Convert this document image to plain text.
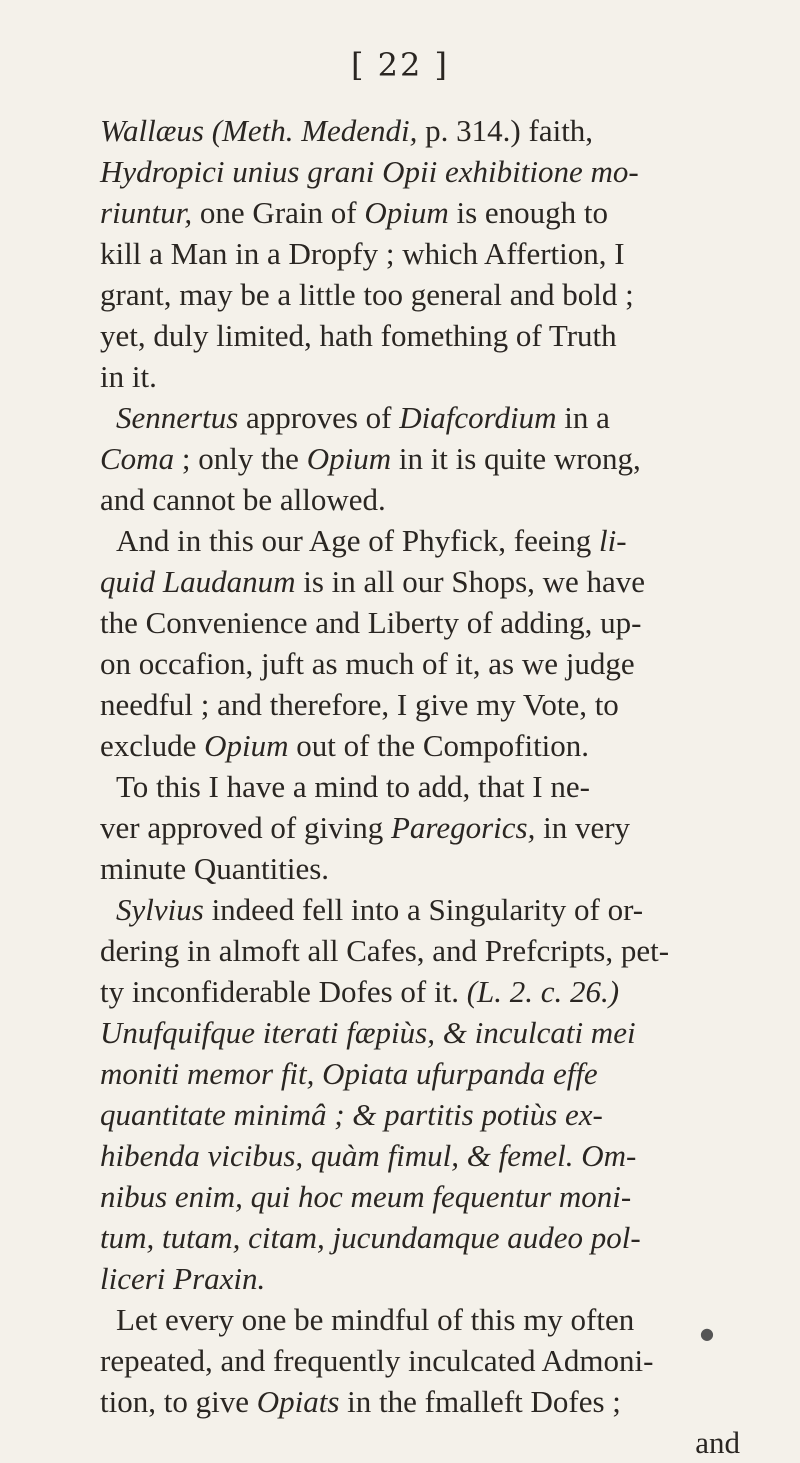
[ 22 ]
Wallæus (Meth. Medendi, p. 314.) faith,
Hydropici unius grani Opii exhibitione mo-
riuntur, one Grain of Opium is enough to
kill a Man in a Dropfy ; which Affertion, I
grant, may be a little too general and bold ;
yet, duly limited, hath fomething of Truth
in it.
Sennertus approves of Diafcordium in a
Coma ; only the Opium in it is quite wrong,
and cannot be allowed.
And in this our Age of Phyfick, feeing li-
quid Laudanum is in all our Shops, we have
the Convenience and Liberty of adding, up-
on occafion, juft as much of it, as we judge
needful ; and therefore, I give my Vote, to
exclude Opium out of the Compofition.
To this I have a mind to add, that I ne-
ver approved of giving Paregorics, in very
minute Quantities.
Sylvius indeed fell into a Singularity of or-
dering in almoft all Cafes, and Prefcripts, pet-
ty inconfiderable Dofes of it. (L. 2. c. 26.)
Unufquifque iterati fæpiùs, & inculcati mei
moniti memor fit, Opiata ufurpanda effe
quantitate minimâ ; & partitis potiùs ex-
hibenda vicibus, quàm fimul, & femel. Om-
nibus enim, qui hoc meum fequentur moni-
tum, tutam, citam, jucundamque audeo pol-
liceri Praxin.
Let every one be mindful of this my often
repeated, and frequently inculcated Admoni-
tion, to give Opiats in the fmalleft Dofes ;
and
●
